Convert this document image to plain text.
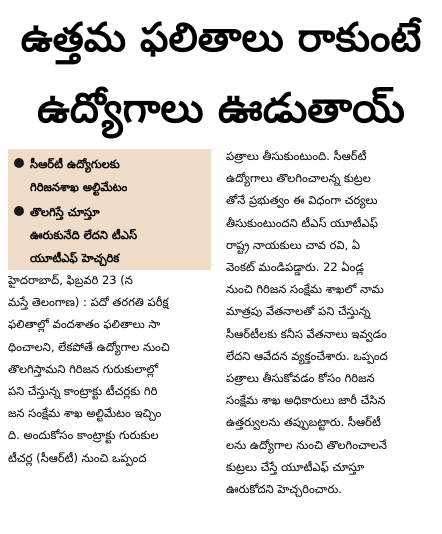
ఉత్తమ ఫలితాలు రాకుంటే
ఉద్యోగాలు ఊడుతాయ్
సీఆర్‌టీ ఉద్యోగులకు
గిరిజనశాఖ అల్టిమేటం
తొలగిస్తే చూస్తూ
ఊరుకునేది లేదని టీఎస్
యూటీఎఫ్ హెచ్చరిక
హైదరాబాద్, ఫిబ్రవరి 23 (న
మస్తే తెలంగాణ) : పదో తరగతి పరీక్ష
ఫలితాల్లో వందశాతం ఫలితాలు సా
ధించాలని, లేకపోతే ఉద్యోగాల నుంచి
తొలగిస్తామని గిరిజన గురుకులాల్లో
పని చేస్తున్న కాంట్రాక్టు టీచర్లకు గిరి
జన సంక్షేమ శాఖ అల్టిమేటం ఇచ్చిం
ది. అందుకోసం కాంట్రాక్టు గురుకుల
టీచర్ల (సీఆర్‌టీ) నుంచి ఒప్పంద
పత్రాలు తీసుకుంటుంది. సీఆర్‌టీ
ఉద్యోగాలు తొలగించాలన్న కుట్రల
తోనే ప్రభుత్వం ఈ విధంగా చర్యలు
తీసుకుంటుందని టీఎస్ యూటీఎఫ్
రాష్ట్ర నాయకులు చావ రవి, ఏ
వెంకట్ మండిపడ్డారు. 22 ఏండ్ల
నుంచి గిరిజన సంక్షేమ శాఖలో నామ
మాత్రపు వేతనాలతో పని చేస్తున్న
సీఆర్‌టీలకు కనీస వేతనాలు ఇవ్వడం
లేదని ఆవేదన వ్యక్తంచేశారు. ఒప్పంద
పత్రాలు తీసుకోవడం కోసం గిరిజన
సంక్షేమ శాఖ అధికారులు జారీ చేసిన
ఉత్తర్వులను తప్పుబట్టారు. సీఆర్‌టీ
లను ఉద్యోగాల నుంచి తొలగించాలనే
కుట్రలు చేస్తే యూటీఎఫ్ చూస్తూ
ఊరుకోదని హెచ్చరించారు.
